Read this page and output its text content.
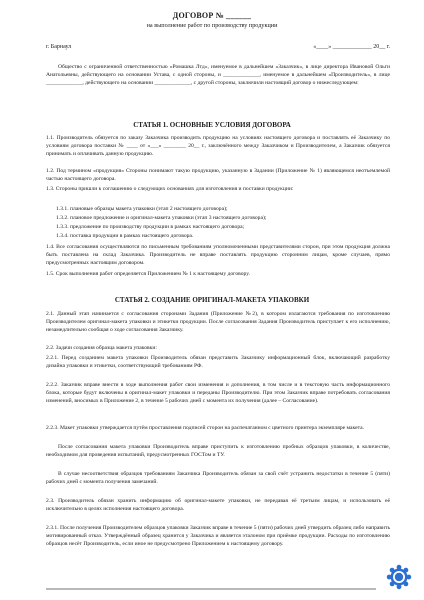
ДОГОВОР № ______
на выполнение работ по производству продукции
г. Барнаул	«____» _____________ 20__ г.
Общество с ограниченной ответственностью «Ромашка Лтд», именуемое в дальнейшем «Заказчик», в лице директора Ивановой Ольги Анатольевны, действующего на основании Устава, с одной стороны, и _____________, именуемое в дальнейшем «Производитель», в лице _____________, действующего на основании _____________, с другой стороны, заключили настоящий договор о нижеследующем:
СТАТЬЯ 1. ОСНОВНЫЕ УСЛОВИЯ ДОГОВОРА
1.1. Производитель обязуется по заказу Заказчика производить продукцию на условиях настоящего договора и поставлять её Заказчику по условиям договора поставки № ____ от «___» ________ 20__ г., заключённого между Заказчиком и Производителем, а Заказчик обязуется принимать и оплачивать данную продукцию.
1.2. Под термином «продукция» Стороны понимают такую продукцию, указанную в Задании (Приложение № 1) являющемся неотъемлемой частью настоящего договора.
1.3. Стороны пришли к соглашению о следующих основаниях для изготовления и поставки продукции:
1.3.1. плановые образцы макета упаковки (этап 2 настоящего договора);
1.3.2. плановое предложение и оригинал-макета упаковки (этап 3 настоящего договора);
1.3.3. предложение по производству продукции в рамках настоящего договора;
1.3.4. поставка продукции в рамках настоящего договора.
1.4. Все согласования осуществляются по письменным требованиям уполномоченными представителями сторон, при этом продукция должна быть поставлена на склад Заказчика. Производитель не вправе поставлять продукцию сторонним лицам, кроме случаев, прямо предусмотренных настоящим договором.
1.5. Срок выполнения работ определяется Приложением № 1 к настоящему договору.
СТАТЬЯ 2. СОЗДАНИЕ ОРИГИНАЛ-МАКЕТА УПАКОВКИ
2.1. Данный этап начинается с согласования сторонами Задания (Приложение №2), в котором излагаются требования по изготовлению Производителем оригинал-макета упаковки и этикетки продукции. После согласования Задания Производитель приступает к его исполнению, незамедлительно сообщая о ходе согласования Заказчику.
2.2. Задачи создания образца макета упаковки:
2.2.1. Перед созданием макета упаковки Производитель обязан представить Заказчику информационный блок, включающий разработку дизайна упаковки и этикетки, соответствующий требованиям РФ.
2.2.2. Заказчик вправе внести в ходе выполнения работ свои изменения и дополнения, в том числе и в текстовую часть информационного блока, которые будут включены в оригинал-макет упаковки и переданы Производителю. При этом Заказчик вправе потребовать согласования изменений, вносимых в Приложение 2, в течение 5 рабочих дней с момента их получения (далее – Согласование).
2.2.3. Макет упаковки утверждается путём проставления подписей сторон на распечатанном с цветного принтера экземпляре макета.
После согласования макета упаковки Производитель вправе приступить к изготовлению пробных образцов упаковки, в количестве, необходимом для проведения испытаний, предусмотренных ГОСТом и ТУ.
В случае несоответствия образцов требованиям Заказчика Производитель обязан за свой счёт устранить недостатки в течение 5 (пяти) рабочих дней с момента получения замечаний.
2.3. Производитель обязан хранить информацию об оригинал-макете упаковки, не передавая её третьим лицам, и использовать её исключительно в целях исполнения настоящего договора.
2.3.1. После получения Производителем образцов упаковки Заказчик вправе в течение 5 (пяти) рабочих дней утвердить образец либо направить мотивированный отказ. Утверждённый образец хранится у Заказчика и является эталоном при приёмке продукции. Расходы по изготовлению образцов несёт Производитель, если иное не предусмотрено Приложением к настоящему договору.
